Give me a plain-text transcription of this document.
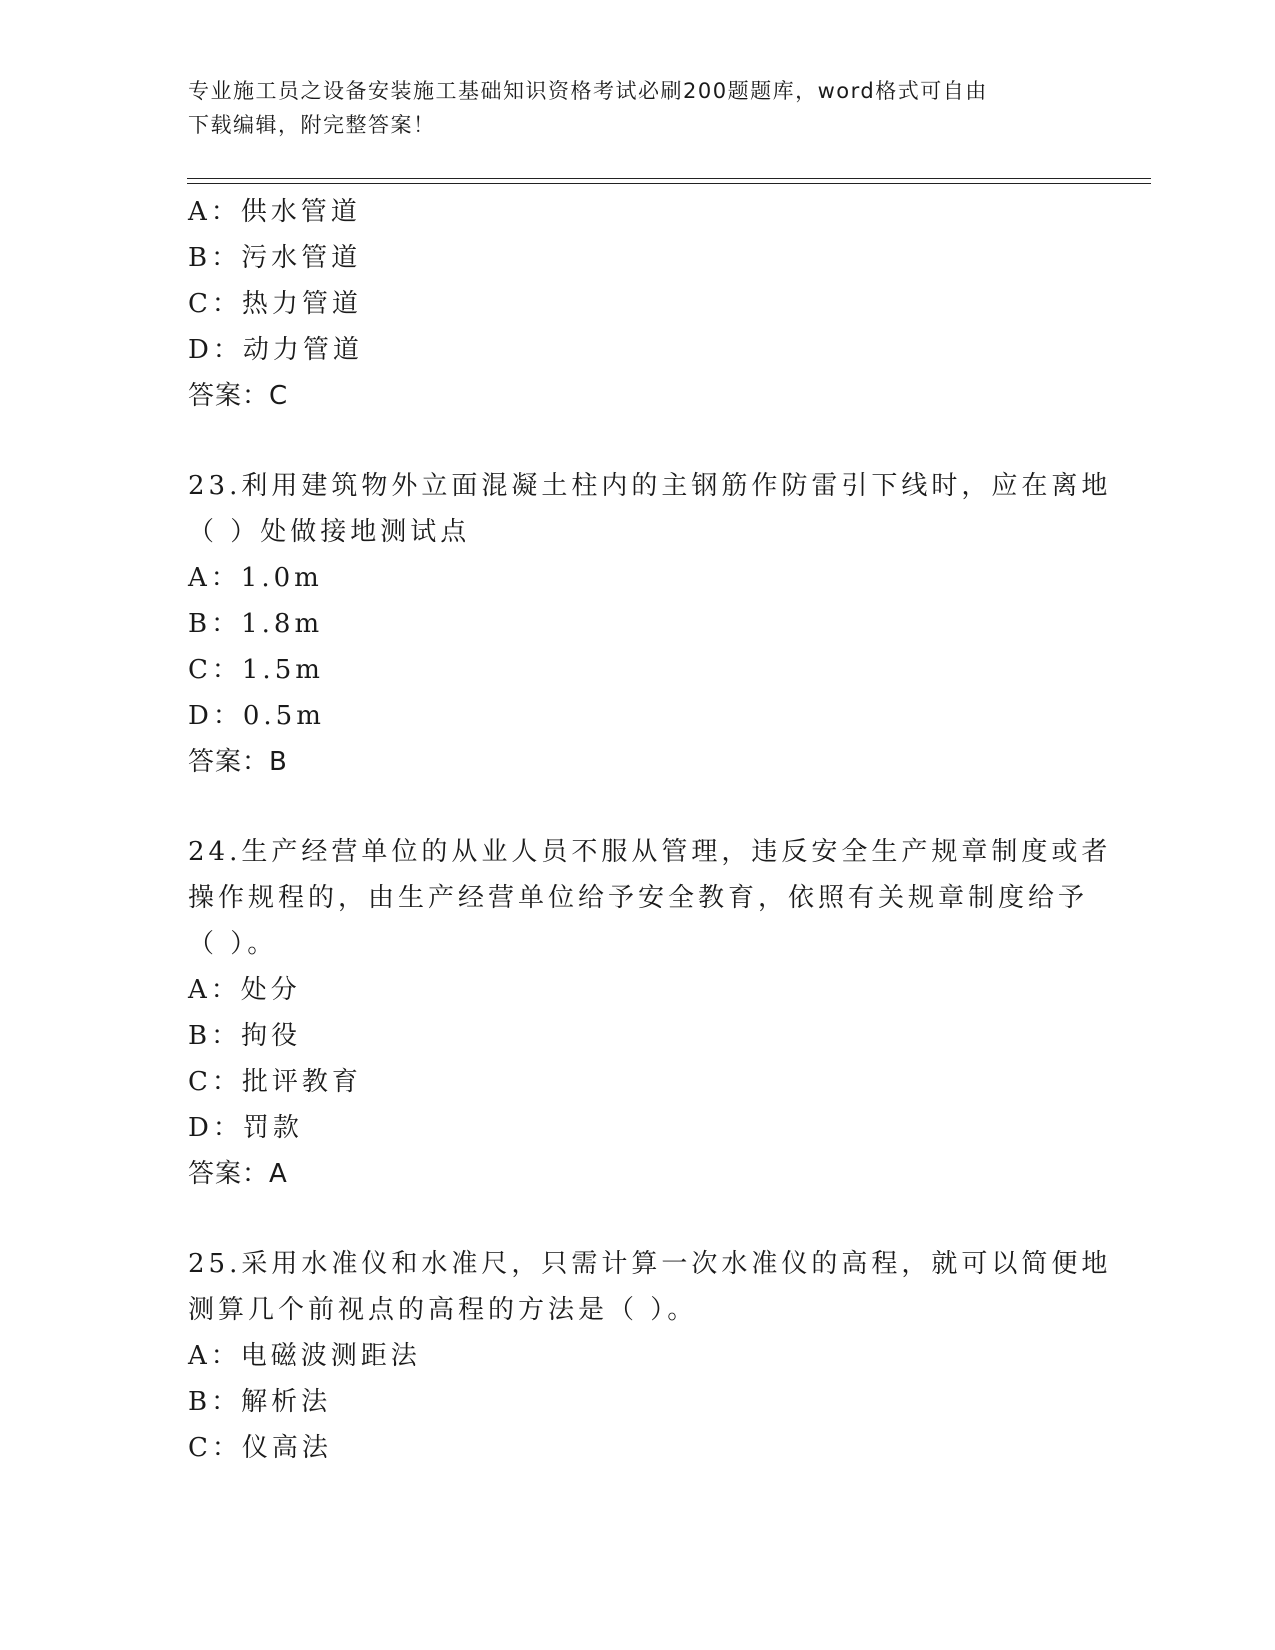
专业施工员之设备安装施工基础知识资格考试必刷200题题库，word格式可自由
下载编辑，附完整答案！
A：供水管道
B：污水管道
C：热力管道
D：动力管道
答案：C
23.利用建筑物外立面混凝土柱内的主钢筋作防雷引下线时，应在离地
（ ）处做接地测试点
A：1.0m
B：1.8m
C：1.5m
D：0.5m
答案：B
24.生产经营单位的从业人员不服从管理，违反安全生产规章制度或者
操作规程的，由生产经营单位给予安全教育，依照有关规章制度给予
（ ）。
A：处分
B：拘役
C：批评教育
D：罚款
答案：A
25.采用水准仪和水准尺，只需计算一次水准仪的高程，就可以简便地
测算几个前视点的高程的方法是（ ）。
A：电磁波测距法
B：解析法
C：仪高法
